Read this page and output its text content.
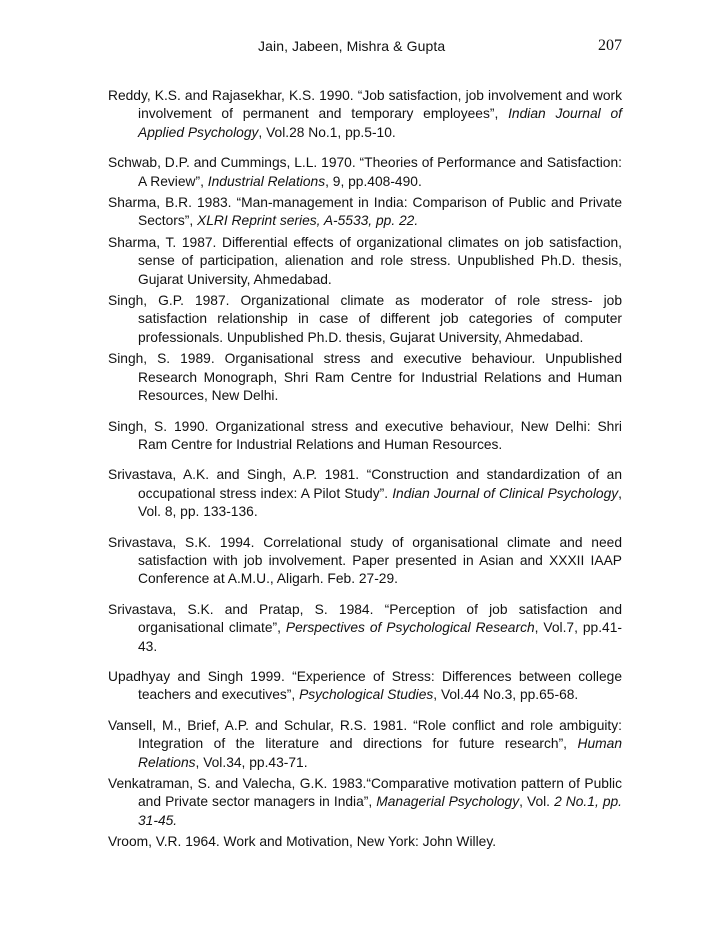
Jain, Jabeen, Mishra & Gupta	207

Reddy, K.S. and Rajasekhar, K.S. 1990. “Job satisfaction, job involvement and work involvement of permanent and temporary employees”, Indian Journal of Applied Psychology, Vol.28 No.1, pp.5-10.

Schwab, D.P. and Cummings, L.L. 1970. “Theories of Performance and Satisfaction: A Review”, Industrial Relations, 9, pp.408-490.

Sharma, B.R. 1983. “Man-management in India: Comparison of Public and Private Sectors”, XLRI Reprint series, A-5533, pp. 22.

Sharma, T. 1987. Differential effects of organizational climates on job satisfaction, sense of participation, alienation and role stress. Unpublished Ph.D. thesis, Gujarat University, Ahmedabad.

Singh, G.P. 1987. Organizational climate as moderator of role stress- job satisfaction relationship in case of different job categories of computer professionals. Unpublished Ph.D. thesis, Gujarat University, Ahmedabad.

Singh, S. 1989. Organisational stress and executive behaviour. Unpublished Research Monograph, Shri Ram Centre for Industrial Relations and Human Resources, New Delhi.

Singh, S. 1990. Organizational stress and executive behaviour, New Delhi: Shri Ram Centre for Industrial Relations and Human Resources.

Srivastava, A.K. and Singh, A.P. 1981. “Construction and standardization of an occupational stress index: A Pilot Study”. Indian Journal of Clinical Psychology, Vol. 8, pp. 133-136.

Srivastava, S.K. 1994. Correlational study of organisational climate and need satisfaction with job involvement. Paper presented in Asian and XXXII IAAP Conference at A.M.U., Aligarh. Feb. 27-29.

Srivastava, S.K. and Pratap, S. 1984. “Perception of job satisfaction and organisational climate”, Perspectives of Psychological Research, Vol.7, pp.41-43.

Upadhyay and Singh 1999. “Experience of Stress: Differences between college teachers and executives”, Psychological Studies, Vol.44 No.3, pp.65-68.

Vansell, M., Brief, A.P. and Schular, R.S. 1981. “Role conflict and role ambiguity: Integration of the literature and directions for future research”, Human Relations, Vol.34, pp.43-71.

Venkatraman, S. and Valecha, G.K. 1983.“Comparative motivation pattern of Public and Private sector managers in India”, Managerial Psychology, Vol. 2 No.1, pp. 31-45.

Vroom, V.R. 1964. Work and Motivation, New York: John Willey.
